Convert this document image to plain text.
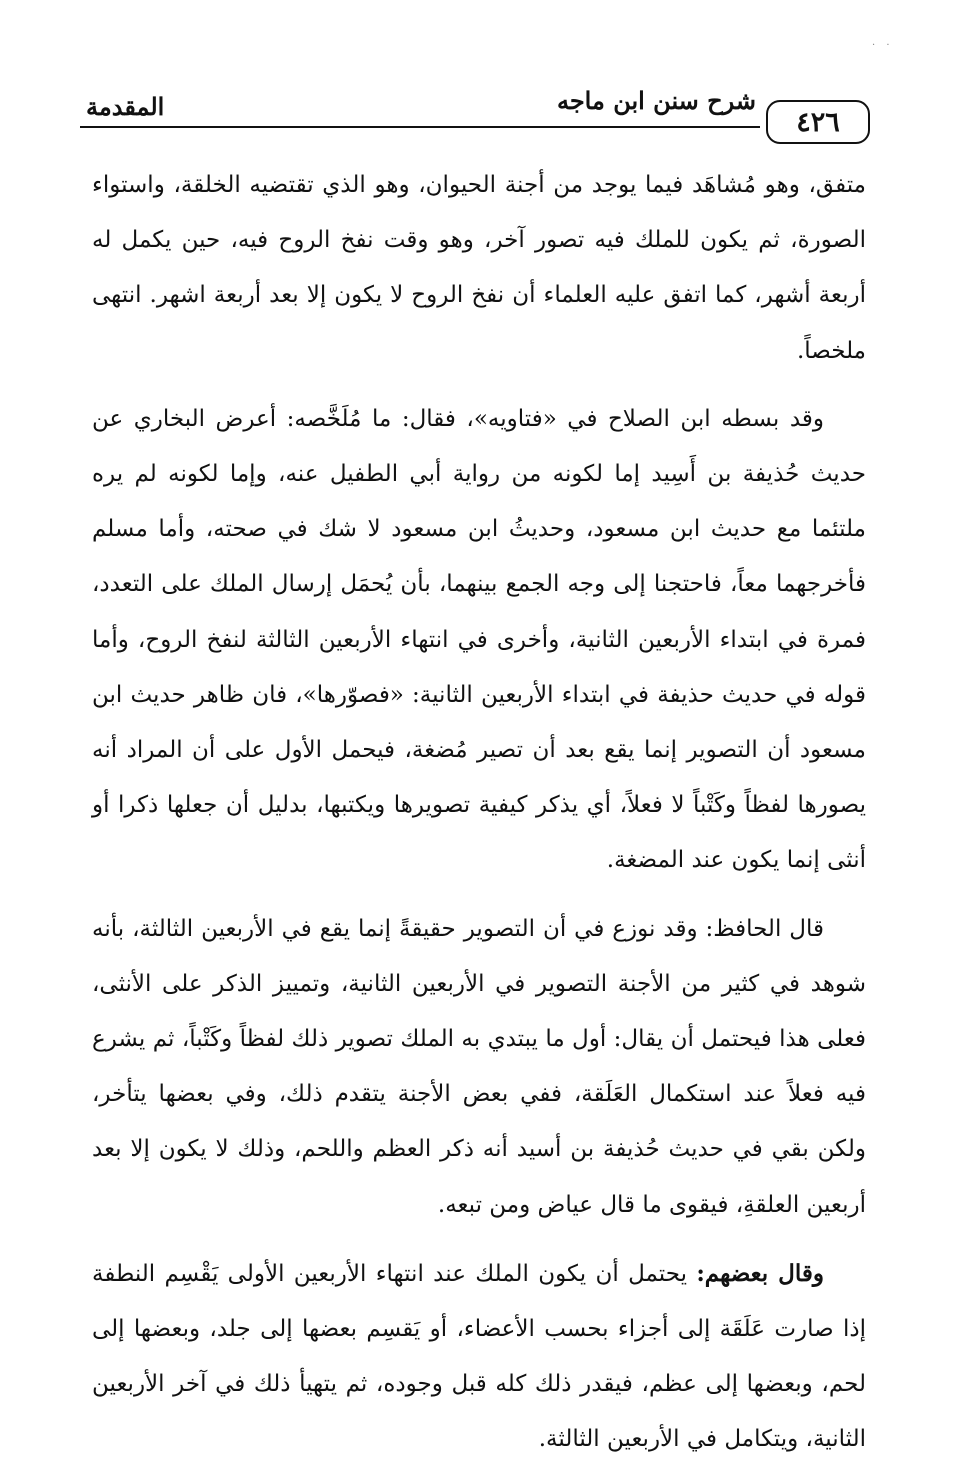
· ·
٤٢٦
شرح سنن ابن ماجه
المقدمة

متفق، وهو مُشاهَد فيما يوجد من أجنة الحيوان، وهو الذي تقتضيه الخلقة، واستواء الصورة، ثم يكون للملك فيه تصور آخر، وهو وقت نفخ الروح فيه، حين يكمل له أربعة أشهر، كما اتفق عليه العلماء أن نفخ الروح لا يكون إلا بعد أربعة اشهر. انتهى ملخصاً.

وقد بسطه ابن الصلاح في «فتاويه»، فقال: ما مُلَخَّصه: أعرض البخاري عن حديث حُذيفة بن أَسِيد إما لكونه من رواية أبي الطفيل عنه، وإما لكونه لم يره ملتئما مع حديث ابن مسعود، وحديثُ ابن مسعود لا شك في صحته، وأما مسلم فأخرجهما معاً، فاحتجنا إلى وجه الجمع بينهما، بأن يُحمَل إرسال الملك على التعدد، فمرة في ابتداء الأربعين الثانية، وأخرى في انتهاء الأربعين الثالثة لنفخ الروح، وأما قوله في حديث حذيفة في ابتداء الأربعين الثانية: «فصوّرها»، فان ظاهر حديث ابن مسعود أن التصوير إنما يقع بعد أن تصير مُضغة، فيحمل الأول على أن المراد أنه يصورها لفظاً وكَتْباً لا فعلاً، أي يذكر كيفية تصويرها ويكتبها، بدليل أن جعلها ذكرا أو أنثى إنما يكون عند المضغة.

قال الحافظ: وقد نوزع في أن التصوير حقيقةً إنما يقع في الأربعين الثالثة، بأنه شوهد في كثير من الأجنة التصوير في الأربعين الثانية، وتمييز الذكر على الأنثى، فعلى هذا فيحتمل أن يقال: أول ما يبتدي به الملك تصوير ذلك لفظاً وكَتْباً، ثم يشرع فيه فعلاً عند استكمال العَلَقة، ففي بعض الأجنة يتقدم ذلك، وفي بعضها يتأخر، ولكن بقي في حديث حُذيفة بن أسيد أنه ذكر العظم واللحم، وذلك لا يكون إلا بعد أربعين العلقةِ، فيقوى ما قال عياض ومن تبعه.

وقال بعضهم: يحتمل أن يكون الملك عند انتهاء الأربعين الأولى يَقْسِم النطفة إذا صارت عَلَقَة إلى أجزاء بحسب الأعضاء، أو يَقسِم بعضها إلى جلد، وبعضها إلى لحم، وبعضها إلى عظم، فيقدر ذلك كله قبل وجوده، ثم يتهيأ ذلك في آخر الأربعين الثانية، ويتكامل في الأربعين الثالثة.
